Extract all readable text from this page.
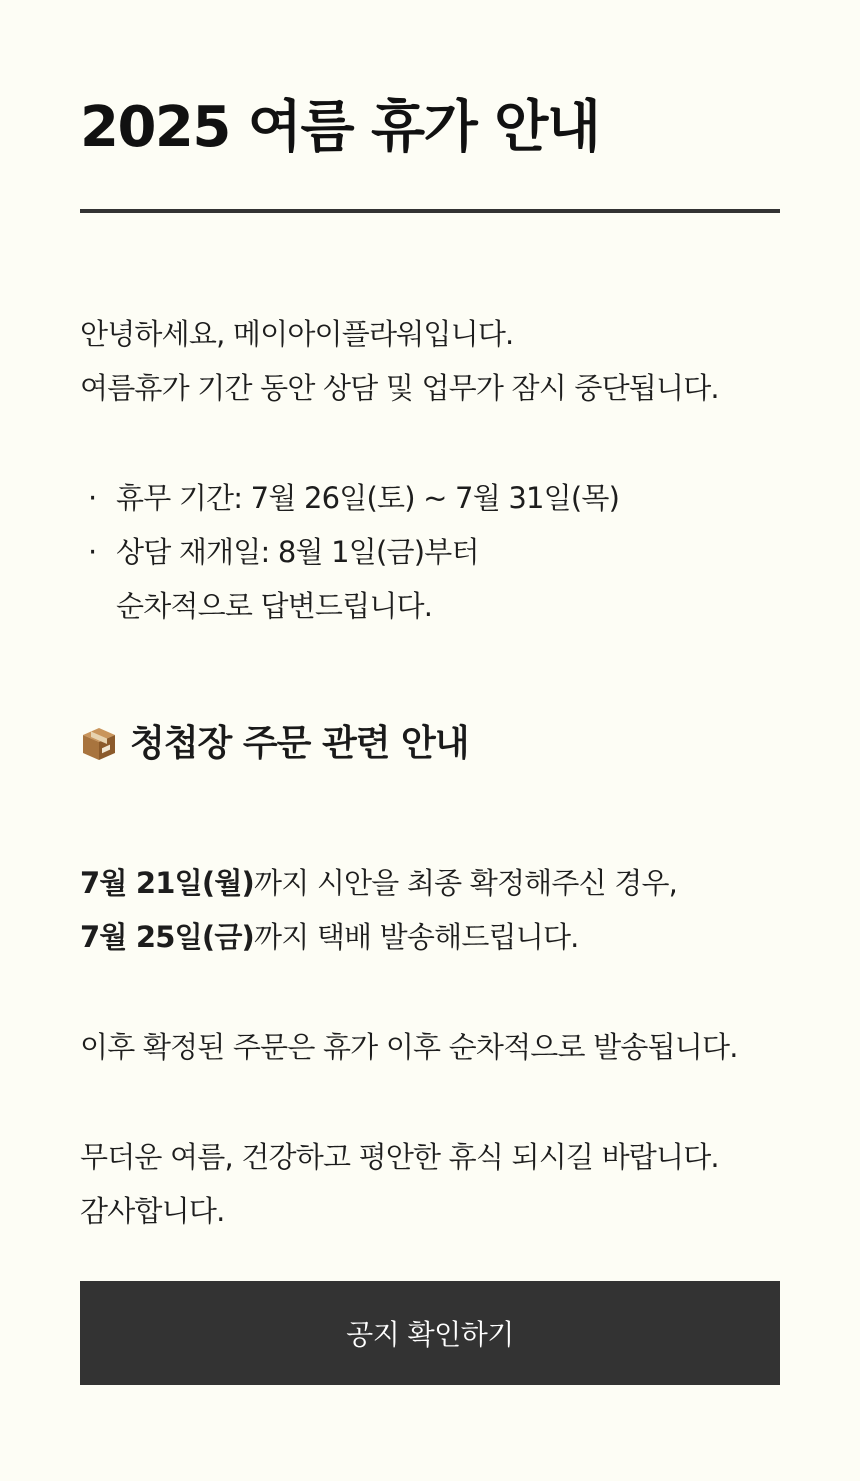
2025 여름 휴가 안내
안녕하세요, 메이아이플라워입니다.
여름휴가 기간 동안 상담 및 업무가 잠시 중단됩니다.
· 휴무 기간: 7월 26일(토) ~ 7월 31일(목)
· 상담 재개일: 8월 1일(금)부터
순차적으로 답변드립니다.
청첩장 주문 관련 안내
7월 21일(월)까지 시안을 최종 확정해주신 경우,
7월 25일(금)까지 택배 발송해드립니다.
이후 확정된 주문은 휴가 이후 순차적으로 발송됩니다.
무더운 여름, 건강하고 평안한 휴식 되시길 바랍니다.
감사합니다.
공지 확인하기
